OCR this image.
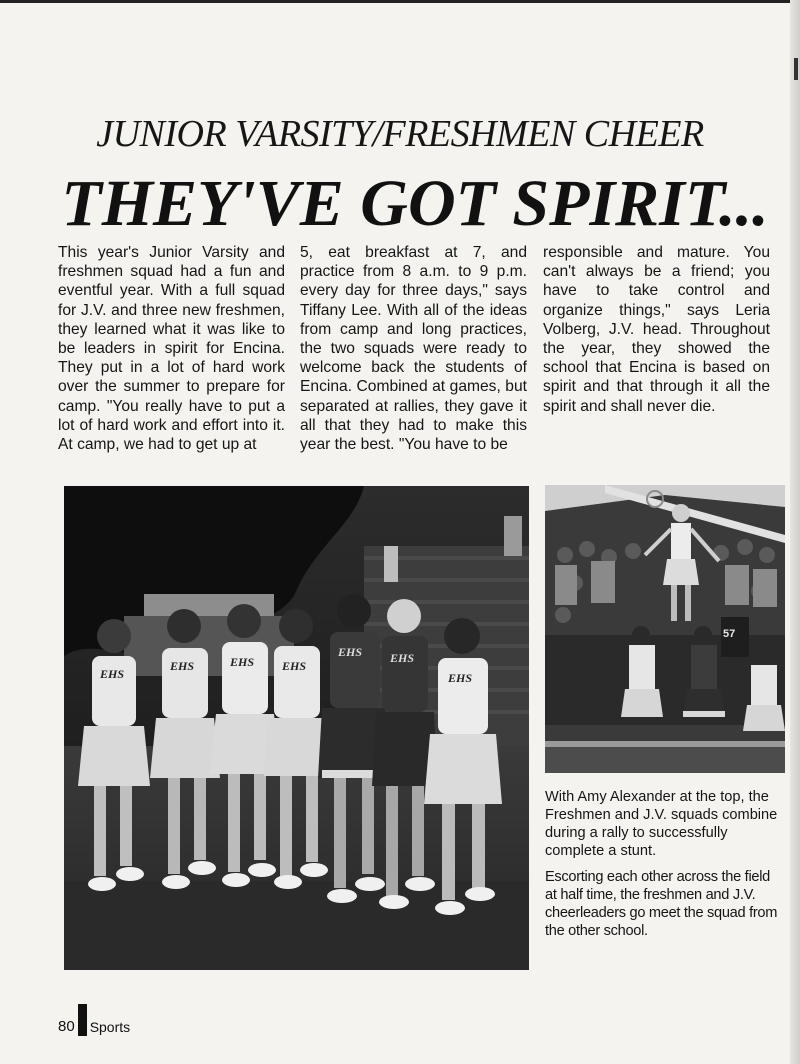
JUNIOR VARSITY/FRESHMEN CHEER
THEY'VE GOT SPIRIT...
This year's Junior Varsity and freshmen squad had a fun and eventful year. With a full squad for J.V. and three new freshmen, they learned what it was like to be leaders in spirit for Encina. They put in a lot of hard work over the summer to prepare for camp. "You really have to put a lot of hard work and effort into it. At camp, we had to get up at
5, eat breakfast at 7, and practice from 8 a.m. to 9 p.m. every day for three days," says Tiffany Lee. With all of the ideas from camp and long practices, the two squads were ready to welcome back the students of Encina. Combined at games, but separated at rallies, they gave it all that they had to make this year the best. "You have to be
responsible and mature. You can't always be a friend; you have to take control and organize things," says Leria Volberg, J.V. head. Throughout the year, they showed the school that Encina is based on spirit and that through it all the spirit and shall never die.
EHS
EHS	EHS EHS
EHS EHS
EHS
57
With Amy Alexander at the top, the Freshmen and J.V. squads combine during a rally to successfully complete a stunt.
Escorting each other across the field at half time, the freshmen and J.V. cheerleaders go meet the squad from the other school.
80 Sports
